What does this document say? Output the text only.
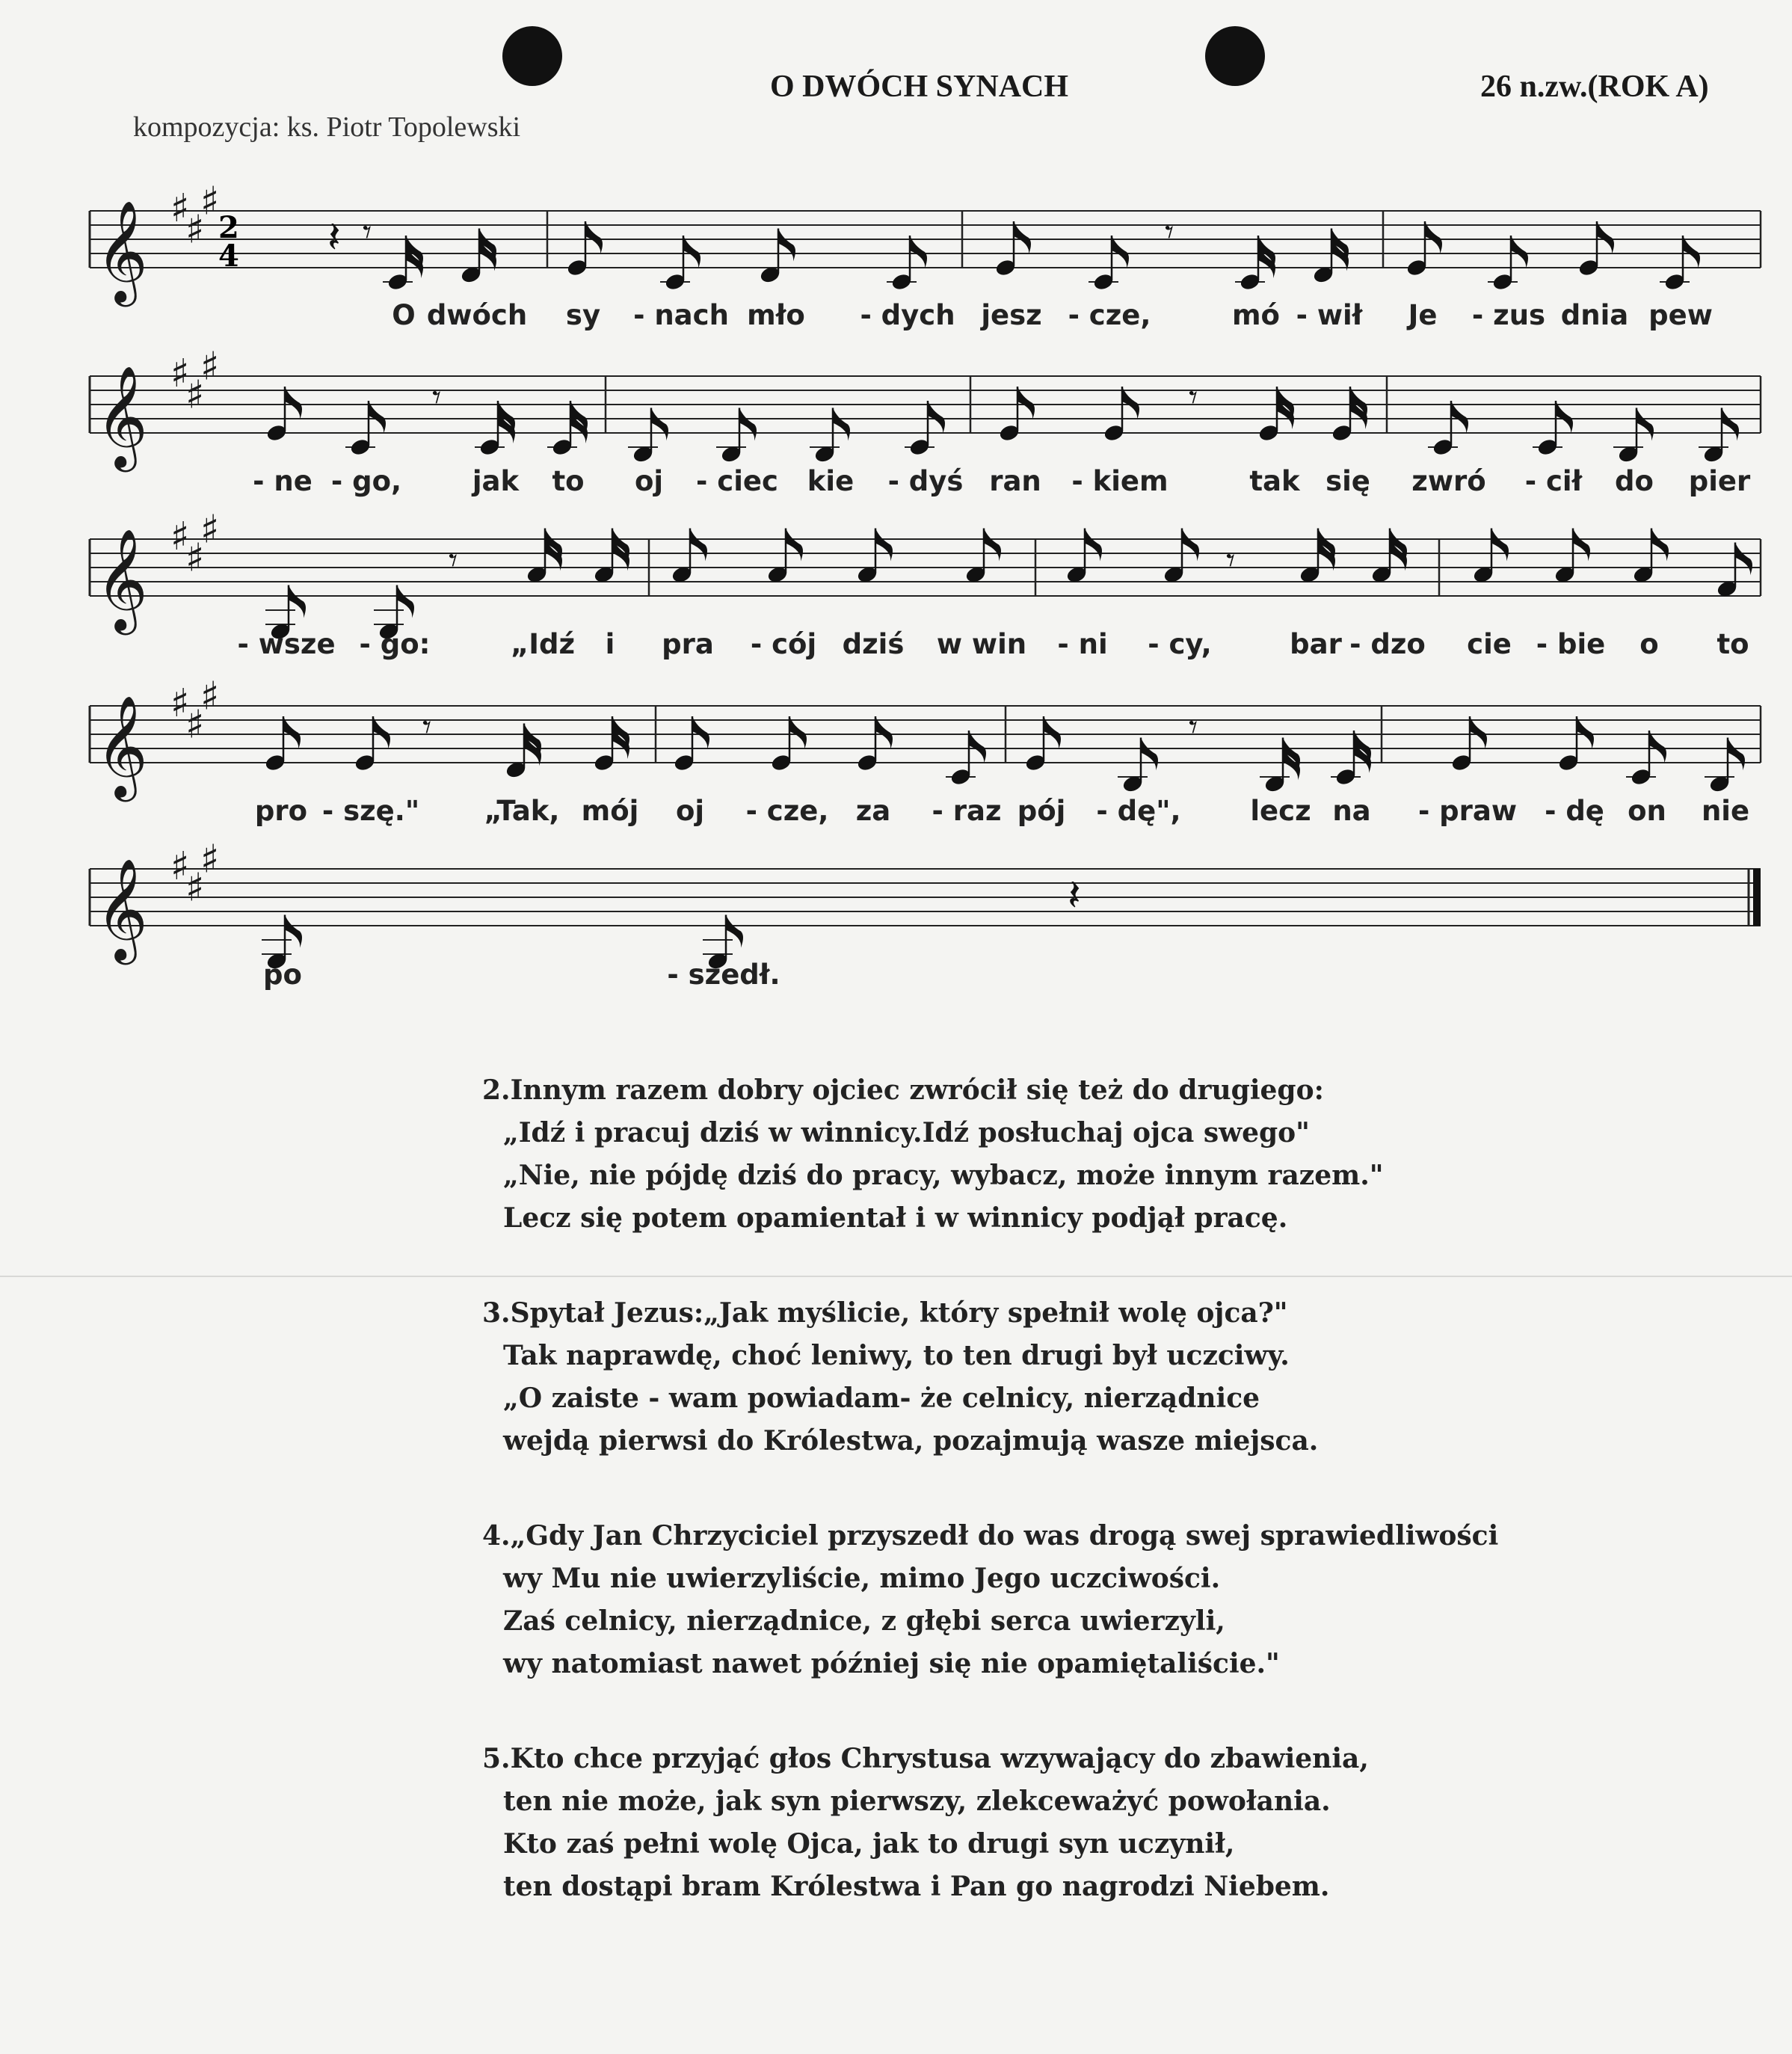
O DWÓCH SYNACH	26 n.zw.(ROK A)
kompozycja: ks. Piotr Topolewski
𝄞 ♯
♯
♯
2
4 𝄽 𝄾	𝄾
O dwóch sy - nach mło - dych jesz - cze,	mó - wił Je - zus dnia pew
𝄞 ♯
♯
♯
𝄾	𝄾
- ne - go,	jak to oj - ciec kie - dyś ran - kiem	tak się zwró - cił do pier
𝄞 ♯
♯
♯
𝄾	𝄾
- wsze - go:	„Idź i pra - cój dziś w win - ni - cy,	bar - dzo cie - bie o to
𝄞 ♯
♯
♯
𝄾	𝄾
pro - szę." „Tak, mój oj - cze, za - raz pój - dę",	lecz na - praw - dę on nie
𝄞 ♯
♯
♯
𝄽
po	- szedł.
2.Innym razem dobry ojciec zwrócił się też do drugiego:
„Idź i pracuj dziś w winnicy.Idź posłuchaj ojca swego"
„Nie, nie pójdę dziś do pracy, wybacz, może innym razem."
Lecz się potem opamientał i w winnicy podjął pracę.
3.Spytał Jezus:„Jak myślicie, który spełnił wolę ojca?"
Tak naprawdę, choć leniwy, to ten drugi był uczciwy.
„O zaiste - wam powiadam- że celnicy, nierządnice
wejdą pierwsi do Królestwa, pozajmują wasze miejsca.
4.„Gdy Jan Chrzyciciel przyszedł do was drogą swej sprawiedliwości
wy Mu nie uwierzyliście, mimo Jego uczciwości.
Zaś celnicy, nierządnice, z głębi serca uwierzyli,
wy natomiast nawet później się nie opamiętaliście."
5.Kto chce przyjąć głos Chrystusa wzywający do zbawienia,
ten nie może, jak syn pierwszy, zlekceważyć powołania.
Kto zaś pełni wolę Ojca, jak to drugi syn uczynił,
ten dostąpi bram Królestwa i Pan go nagrodzi Niebem.
